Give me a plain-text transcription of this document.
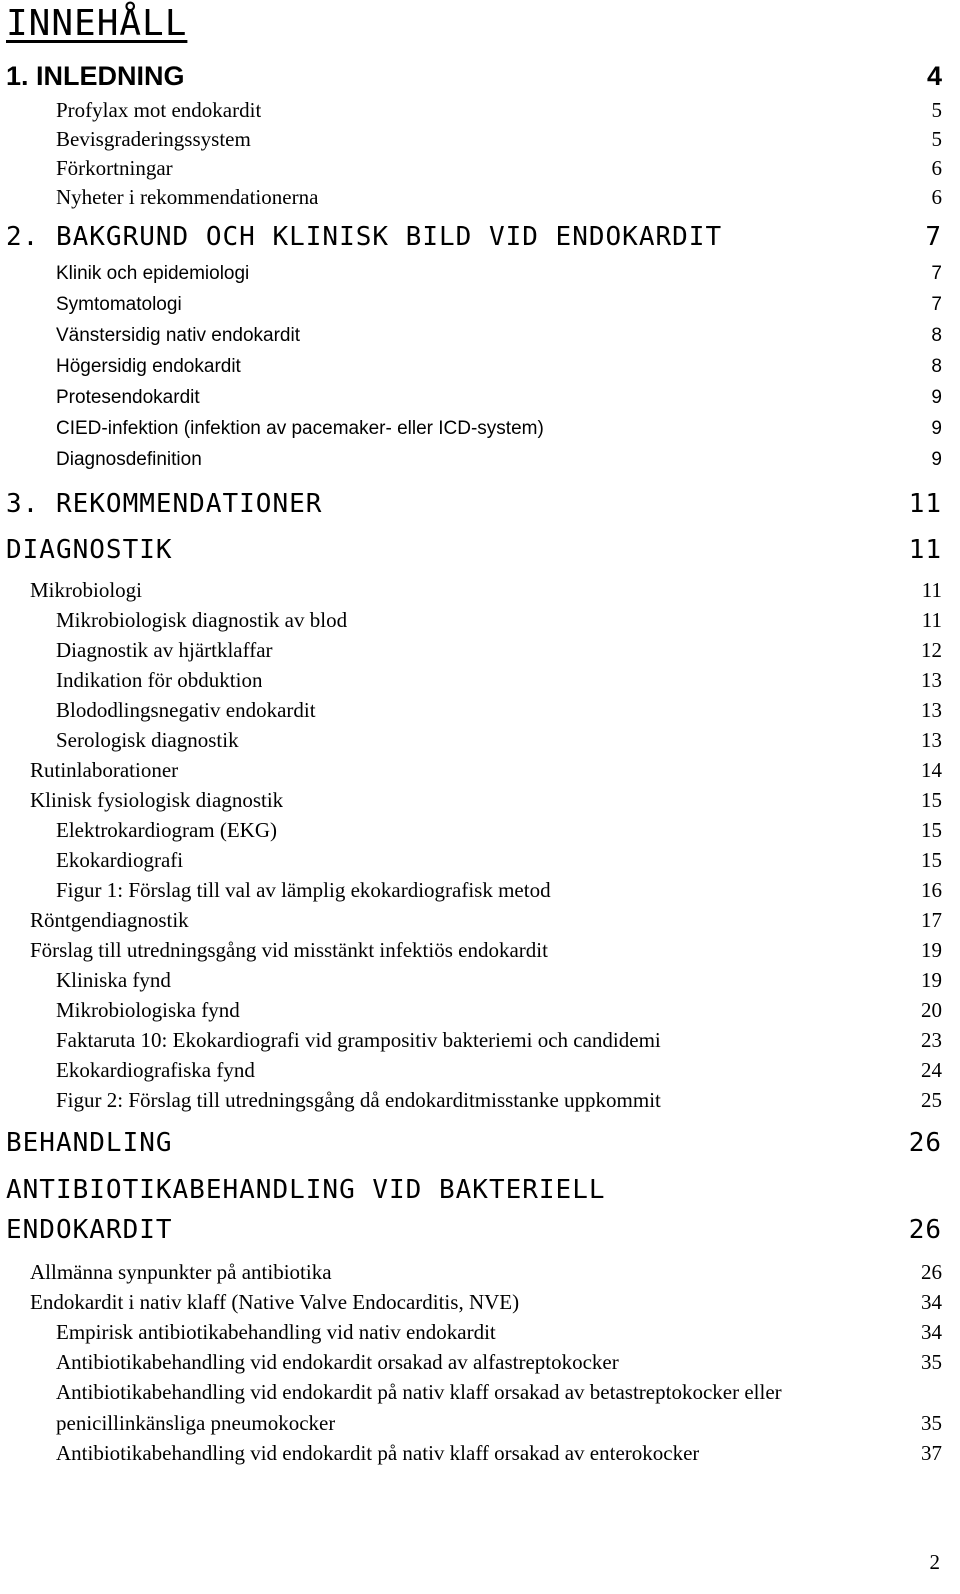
INNEHÅLL
1. INLEDNING	4
Profylax mot endokardit	5
Bevisgraderingssystem	5
Förkortningar	6
Nyheter i rekommendationerna	6
2. BAKGRUND OCH KLINISK BILD VID ENDOKARDIT	7
Klinik och epidemiologi	7
Symtomatologi	7
Vänstersidig nativ endokardit	8
Högersidig endokardit	8
Protesendokardit	9
CIED-infektion (infektion av pacemaker- eller ICD-system)	9
Diagnosdefinition	9
3. REKOMMENDATIONER	11
DIAGNOSTIK	11
Mikrobiologi	11
Mikrobiologisk diagnostik av blod	11
Diagnostik av hjärtklaffar	12
Indikation för obduktion	13
Blododlingsnegativ endokardit	13
Serologisk diagnostik	13
Rutinlaborationer	14
Klinisk fysiologisk diagnostik	15
Elektrokardiogram (EKG)	15
Ekokardiografi	15
Figur 1: Förslag till val av lämplig ekokardiografisk metod	16
Röntgendiagnostik	17
Förslag till utredningsgång vid misstänkt infektiös endokardit	19
Kliniska fynd	19
Mikrobiologiska fynd	20
Faktaruta 10: Ekokardiografi vid grampositiv bakteriemi och candidemi	23
Ekokardiografiska fynd	24
Figur 2: Förslag till utredningsgång då endokarditmisstanke uppkommit	25
BEHANDLING	26
ANTIBIOTIKABEHANDLING VID BAKTERIELL
ENDOKARDIT	26
Allmänna synpunkter på antibiotika	26
Endokardit i nativ klaff (Native Valve Endocarditis, NVE)	34
Empirisk antibiotikabehandling vid nativ endokardit	34
Antibiotikabehandling vid endokardit orsakad av alfastreptokocker	35
Antibiotikabehandling vid endokardit på nativ klaff orsakad av betastreptokocker eller
penicillinkänsliga pneumokocker	35
Antibiotikabehandling vid endokardit på nativ klaff orsakad av enterokocker	37
2
